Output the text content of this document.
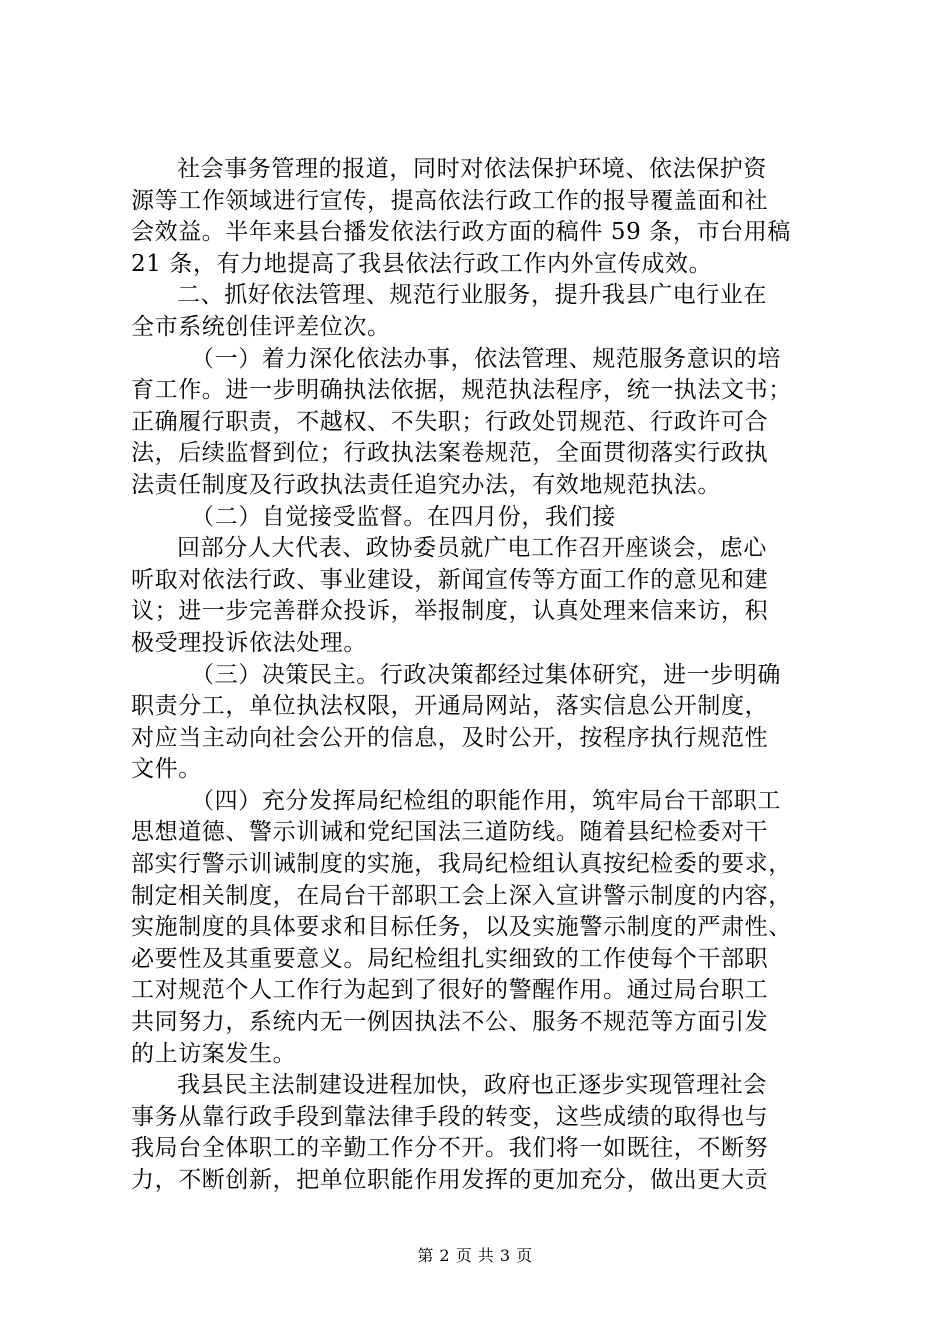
社会事务管理的报道，同时对依法保护环境、依法保护资
源等工作领域进行宣传，提高依法行政工作的报导覆盖面和社
会效益。半年来县台播发依法行政方面的稿件 59 条，市台用稿
21 条，有力地提高了我县依法行政工作内外宣传成效。
二、抓好依法管理、规范行业服务，提升我县广电行业在
全市系统创佳评差位次。
（一）着力深化依法办事，依法管理、规范服务意识的培
育工作。进一步明确执法依据，规范执法程序，统一执法文书；
正确履行职责，不越权、不失职；行政处罚规范、行政许可合
法，后续监督到位；行政执法案卷规范，全面贯彻落实行政执
法责任制度及行政执法责任追究办法，有效地规范执法。
（二）自觉接受监督。在四月份，我们接
回部分人大代表、政协委员就广电工作召开座谈会，虑心
听取对依法行政、事业建设，新闻宣传等方面工作的意见和建
议；进一步完善群众投诉，举报制度，认真处理来信来访，积
极受理投诉依法处理。
（三）决策民主。行政决策都经过集体研究，进一步明确
职责分工，单位执法权限，开通局网站，落实信息公开制度，
对应当主动向社会公开的信息，及时公开，按程序执行规范性
文件。
（四）充分发挥局纪检组的职能作用，筑牢局台干部职工
思想道德、警示训诫和党纪国法三道防线。随着县纪检委对干
部实行警示训诫制度的实施，我局纪检组认真按纪检委的要求，
制定相关制度，在局台干部职工会上深入宣讲警示制度的内容，
实施制度的具体要求和目标任务，以及实施警示制度的严肃性、
必要性及其重要意义。局纪检组扎实细致的工作使每个干部职
工对规范个人工作行为起到了很好的警醒作用。通过局台职工
共同努力，系统内无一例因执法不公、服务不规范等方面引发
的上访案发生。
我县民主法制建设进程加快，政府也正逐步实现管理社会
事务从靠行政手段到靠法律手段的转变，这些成绩的取得也与
我局台全体职工的辛勤工作分不开。我们将一如既往，不断努
力，不断创新，把单位职能作用发挥的更加充分，做出更大贡
第 2 页 共 3 页
